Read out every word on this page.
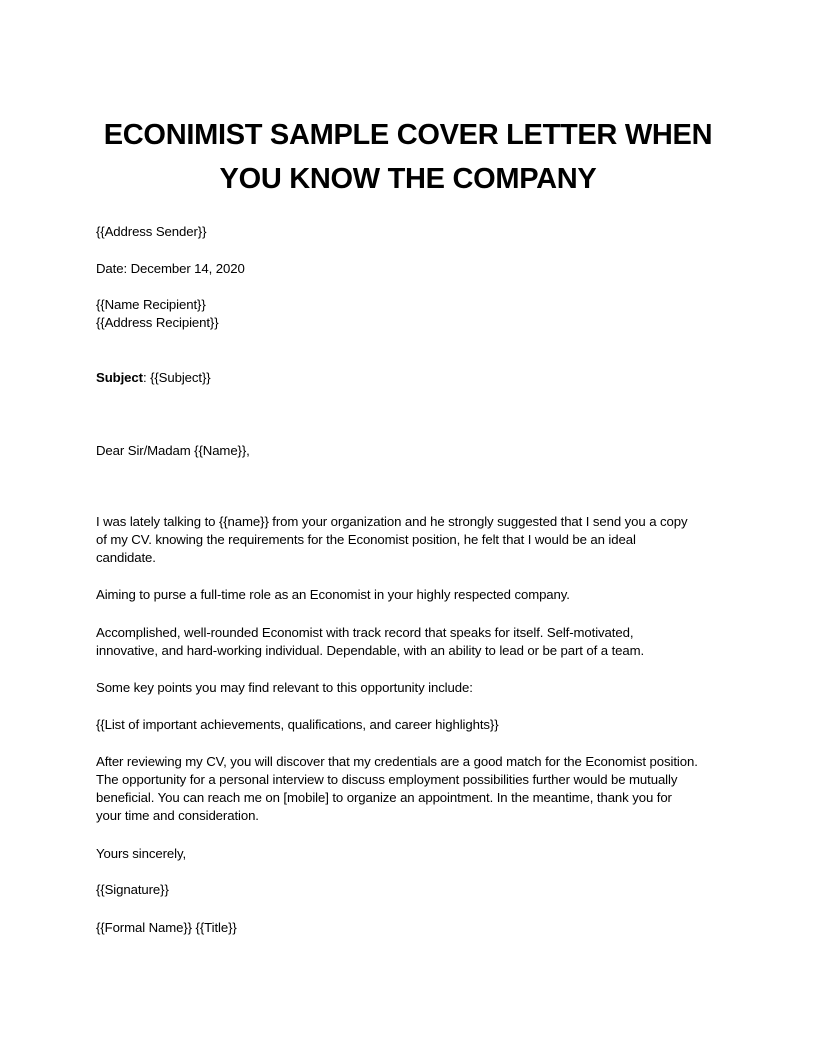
ECONIMIST SAMPLE COVER LETTER WHEN
YOU KNOW THE COMPANY
{{Address Sender}}
Date: December 14, 2020
{{Name Recipient}}
{{Address Recipient}}
Subject: {{Subject}}
Dear Sir/Madam {{Name}},
I was lately talking to {{name}} from your organization and he strongly suggested that I send you a copy
of my CV. knowing the requirements for the Economist position, he felt that I would be an ideal
candidate.
Aiming to purse a full-time role as an Economist in your highly respected company.
Accomplished, well-rounded Economist with track record that speaks for itself. Self-motivated,
innovative, and hard-working individual. Dependable, with an ability to lead or be part of a team.
Some key points you may find relevant to this opportunity include:
{{List of important achievements, qualifications, and career highlights}}
After reviewing my CV, you will discover that my credentials are a good match for the Economist position.
The opportunity for a personal interview to discuss employment possibilities further would be mutually
beneficial. You can reach me on [mobile] to organize an appointment. In the meantime, thank you for
your time and consideration.
Yours sincerely,
{{Signature}}
{{Formal Name}} {{Title}}
